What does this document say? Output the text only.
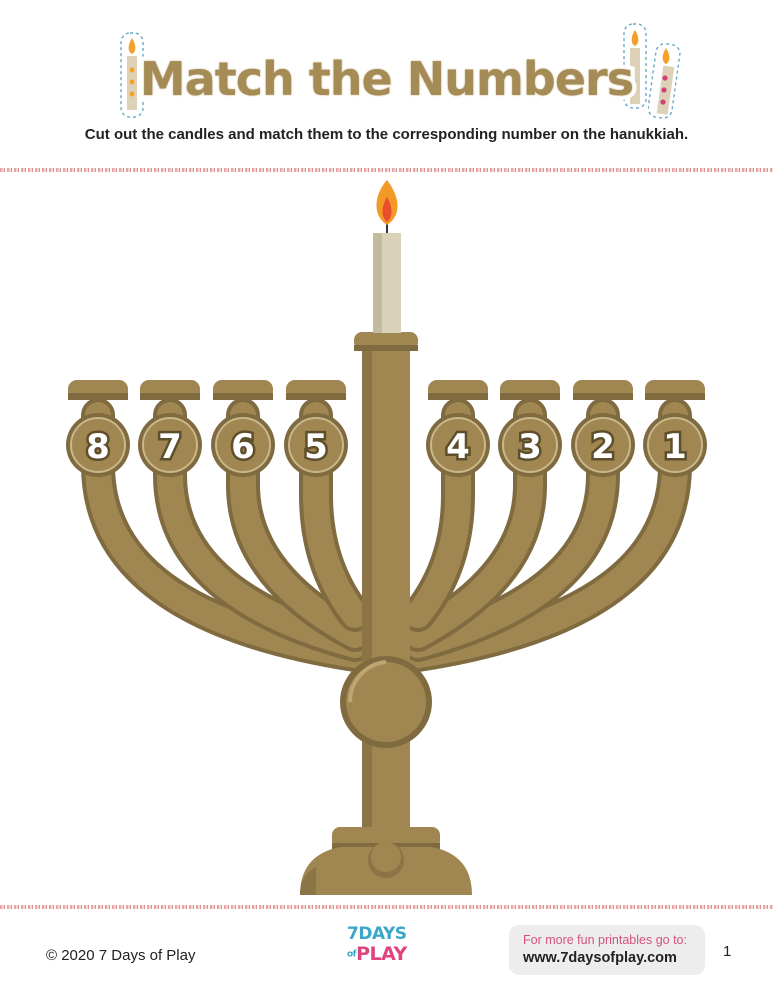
Match the Numbers
Cut out the candles and match them to the corresponding number on the hanukkiah.
8 7 6 5	4 3 2 1
© 2020 7 Days of Play
7DAYS
ofPLAY
For more fun printables go to:
www.7daysofplay.com	1
